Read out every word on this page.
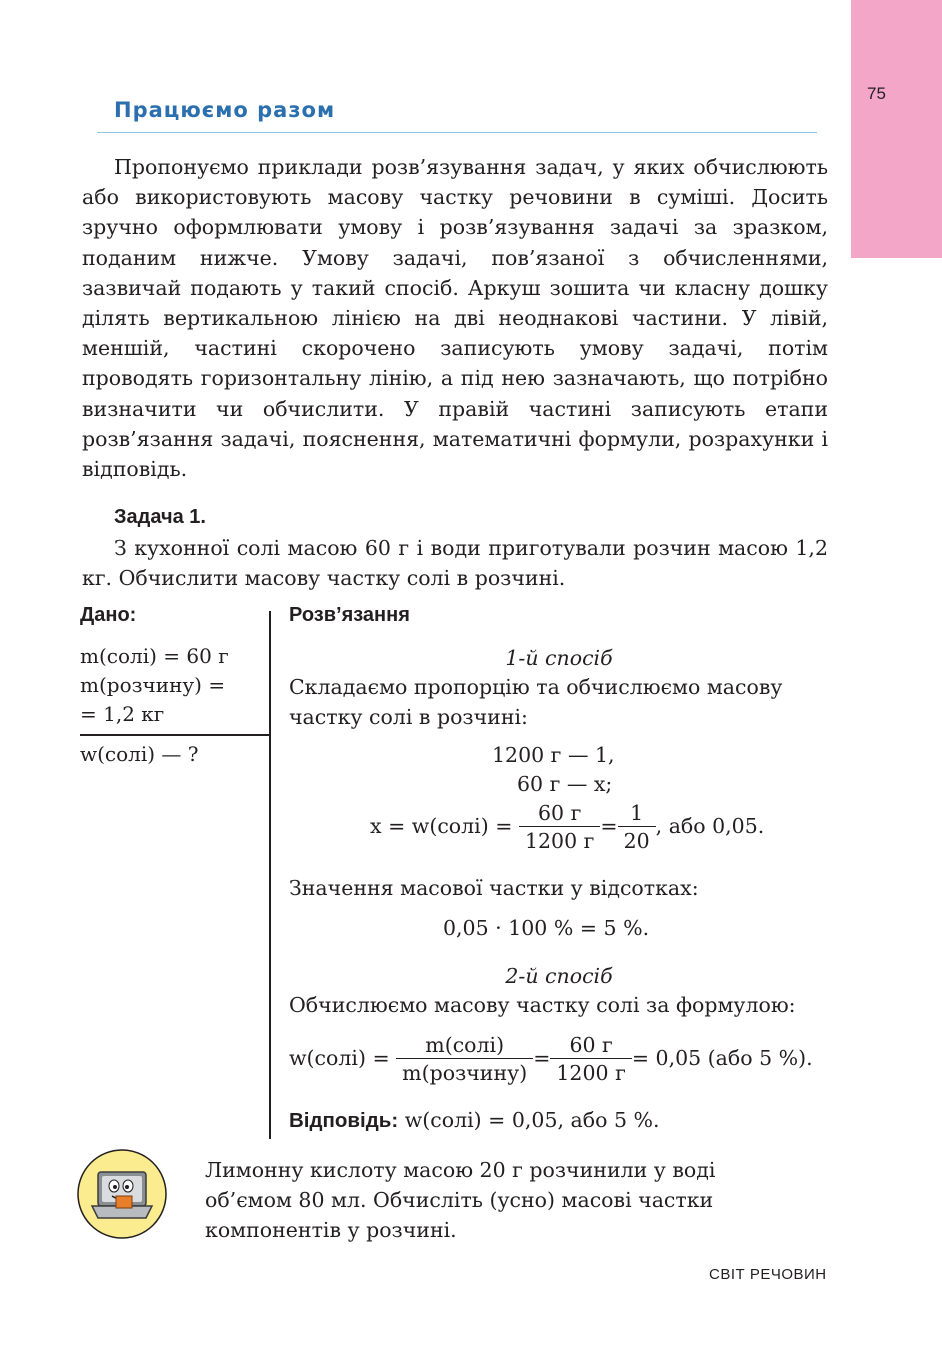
75
Працюємо разом

Пропонуємо приклади розв’язування задач, у яких обчислюють або використовують масову частку речовини в суміші. Досить зручно оформлювати умову і розв’язування задачі за зразком, поданим нижче. Умову задачі, пов’язаної з обчисленнями, зазвичай подають у такий спосіб. Аркуш зошита чи класну дошку ділять вертикальною лінією на дві неоднакові частини. У лівій, меншій, частині скорочено записують умову задачі, потім проводять горизонтальну лінію, а під нею зазначають, що потрібно визначити чи обчислити. У правій частині записують етапи розв’язання задачі, пояснення, математичні формули, розрахунки і відповідь.

Задача 1.

З кухонної солі масою 60 г і води приготували розчин масою 1,2 кг. Обчислити масову частку солі в розчині.

Дано:
m(солі) = 60 г
m(розчину) =
= 1,2 кг
w(солі) — ?
Розв’язання
1-й спосіб
Складаємо пропорцію та обчислюємо масову
частку солі в розчині:
1200 г — 1,
60 г — x;
x = w(солі) = $\frac{60 г}{1200 г} = \frac{1}{20}$ , або 0,05.
Значення масової частки у відсотках:
0,05 · 100 % = 5 %.
2-й спосіб
Обчислюємо масову частку солі за формулою:
w(солі) = $\frac{\text{m(солі)}}{\text{m(розчину)}} = \frac{60 г}{1200 г} = 0,05$ (або 5 %).
Відповідь: w(солі) = 0,05, або 5 %.

Лимонну кислоту масою 20 г розчинили у воді об’ємом 80 мл. Обчисліть (усно) масові частки компонентів у розчині.

СВІТ РЕЧОВИН
